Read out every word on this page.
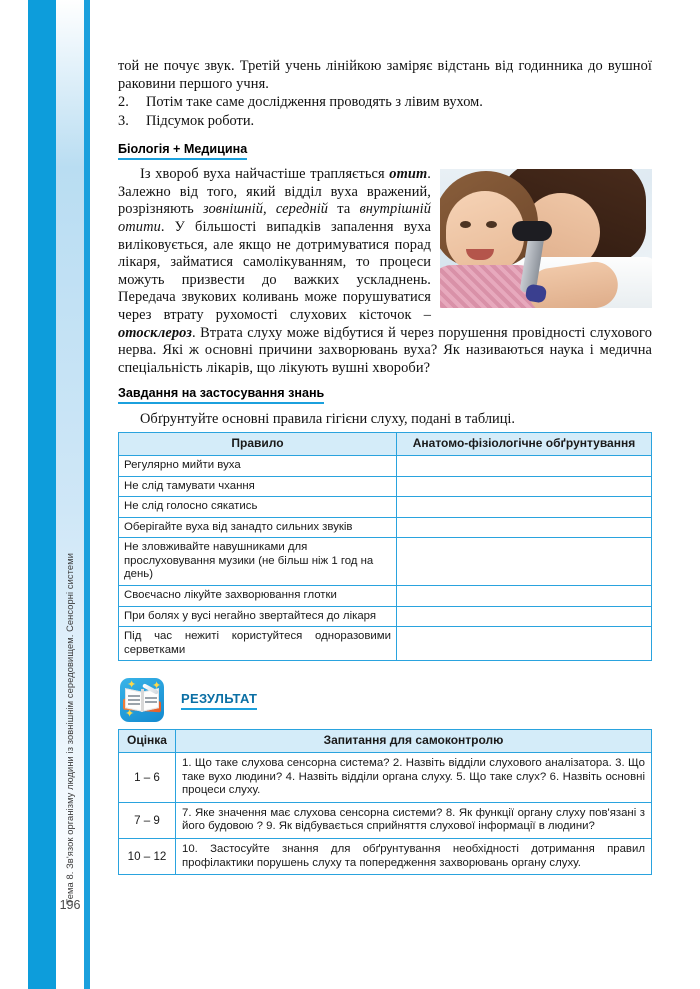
Тема 8. Зв'язок організму людини із зовнішнім середовищем. Сенсорні системи
196

той не почує звук. Третій учень лінійкою заміряє відстань від годинника до вушної раковини першого учня.

2.	Потім таке саме дослідження проводять з лівим вухом.
3.	Підсумок роботи.
Біологія + Медицина

Із хвороб вуха найчастіше трапляється отит. Залежно від того, який відділ вуха вражений, розрізняють зовнішній, середній та внутрішній отити. У більшості випадків запалення вуха виліковується, але якщо не дотримуватися порад лікаря, займатися самолікуванням, то процеси можуть призвести до важких ускладнень. Передача звукових коливань може порушуватися через втрату рухомості слухових кісточок – отосклероз. Втрата слуху може відбутися й через порушення провідності слухового нерва. Які ж основні причини захворювань вуха? Як називаються наука і медична спеціальність лікарів, що лікують вушні хвороби?

Завдання на застосування знань

Обґрунтуйте основні правила гігієни слуху, подані в таблиці.

Правило	Анатомо-фізіологічне обґрунтування
Регулярно мийти вуха	
Не слід тамувати чхання	
Не слід голосно сякатись	
Оберігайте вуха від занадто сильних звуків	
Не зловживайте навушниками для прослуховування музики (не більш ніж 1 год на день)	
Своєчасно лікуйте захворювання глотки	
При болях у вусі негайно звертайтеся до лікаря	
Під час нежиті користуйтеся одноразовими серветками	
✦ ✦
✦
РЕЗУЛЬТАТ
Оцінка	Запитання для самоконтролю
1 – 6	1. Що таке слухова сенсорна система? 2. Назвіть відділи слухового аналізатора. 3. Що таке вухо людини? 4. Назвіть відділи органа слуху. 5. Що таке слух? 6. Назвіть основні процеси слуху.
7 – 9	7. Яке значення має слухова сенсорна системи? 8. Як функції органу слуху пов'язані з його будовою ? 9. Як відбувається сприйняття слухової інформації в людини?
10 – 12	10. Застосуйте знання для обґрунтування необхідності дотримання правил профілактики порушень слуху та попередження захворювань органу слуху.
